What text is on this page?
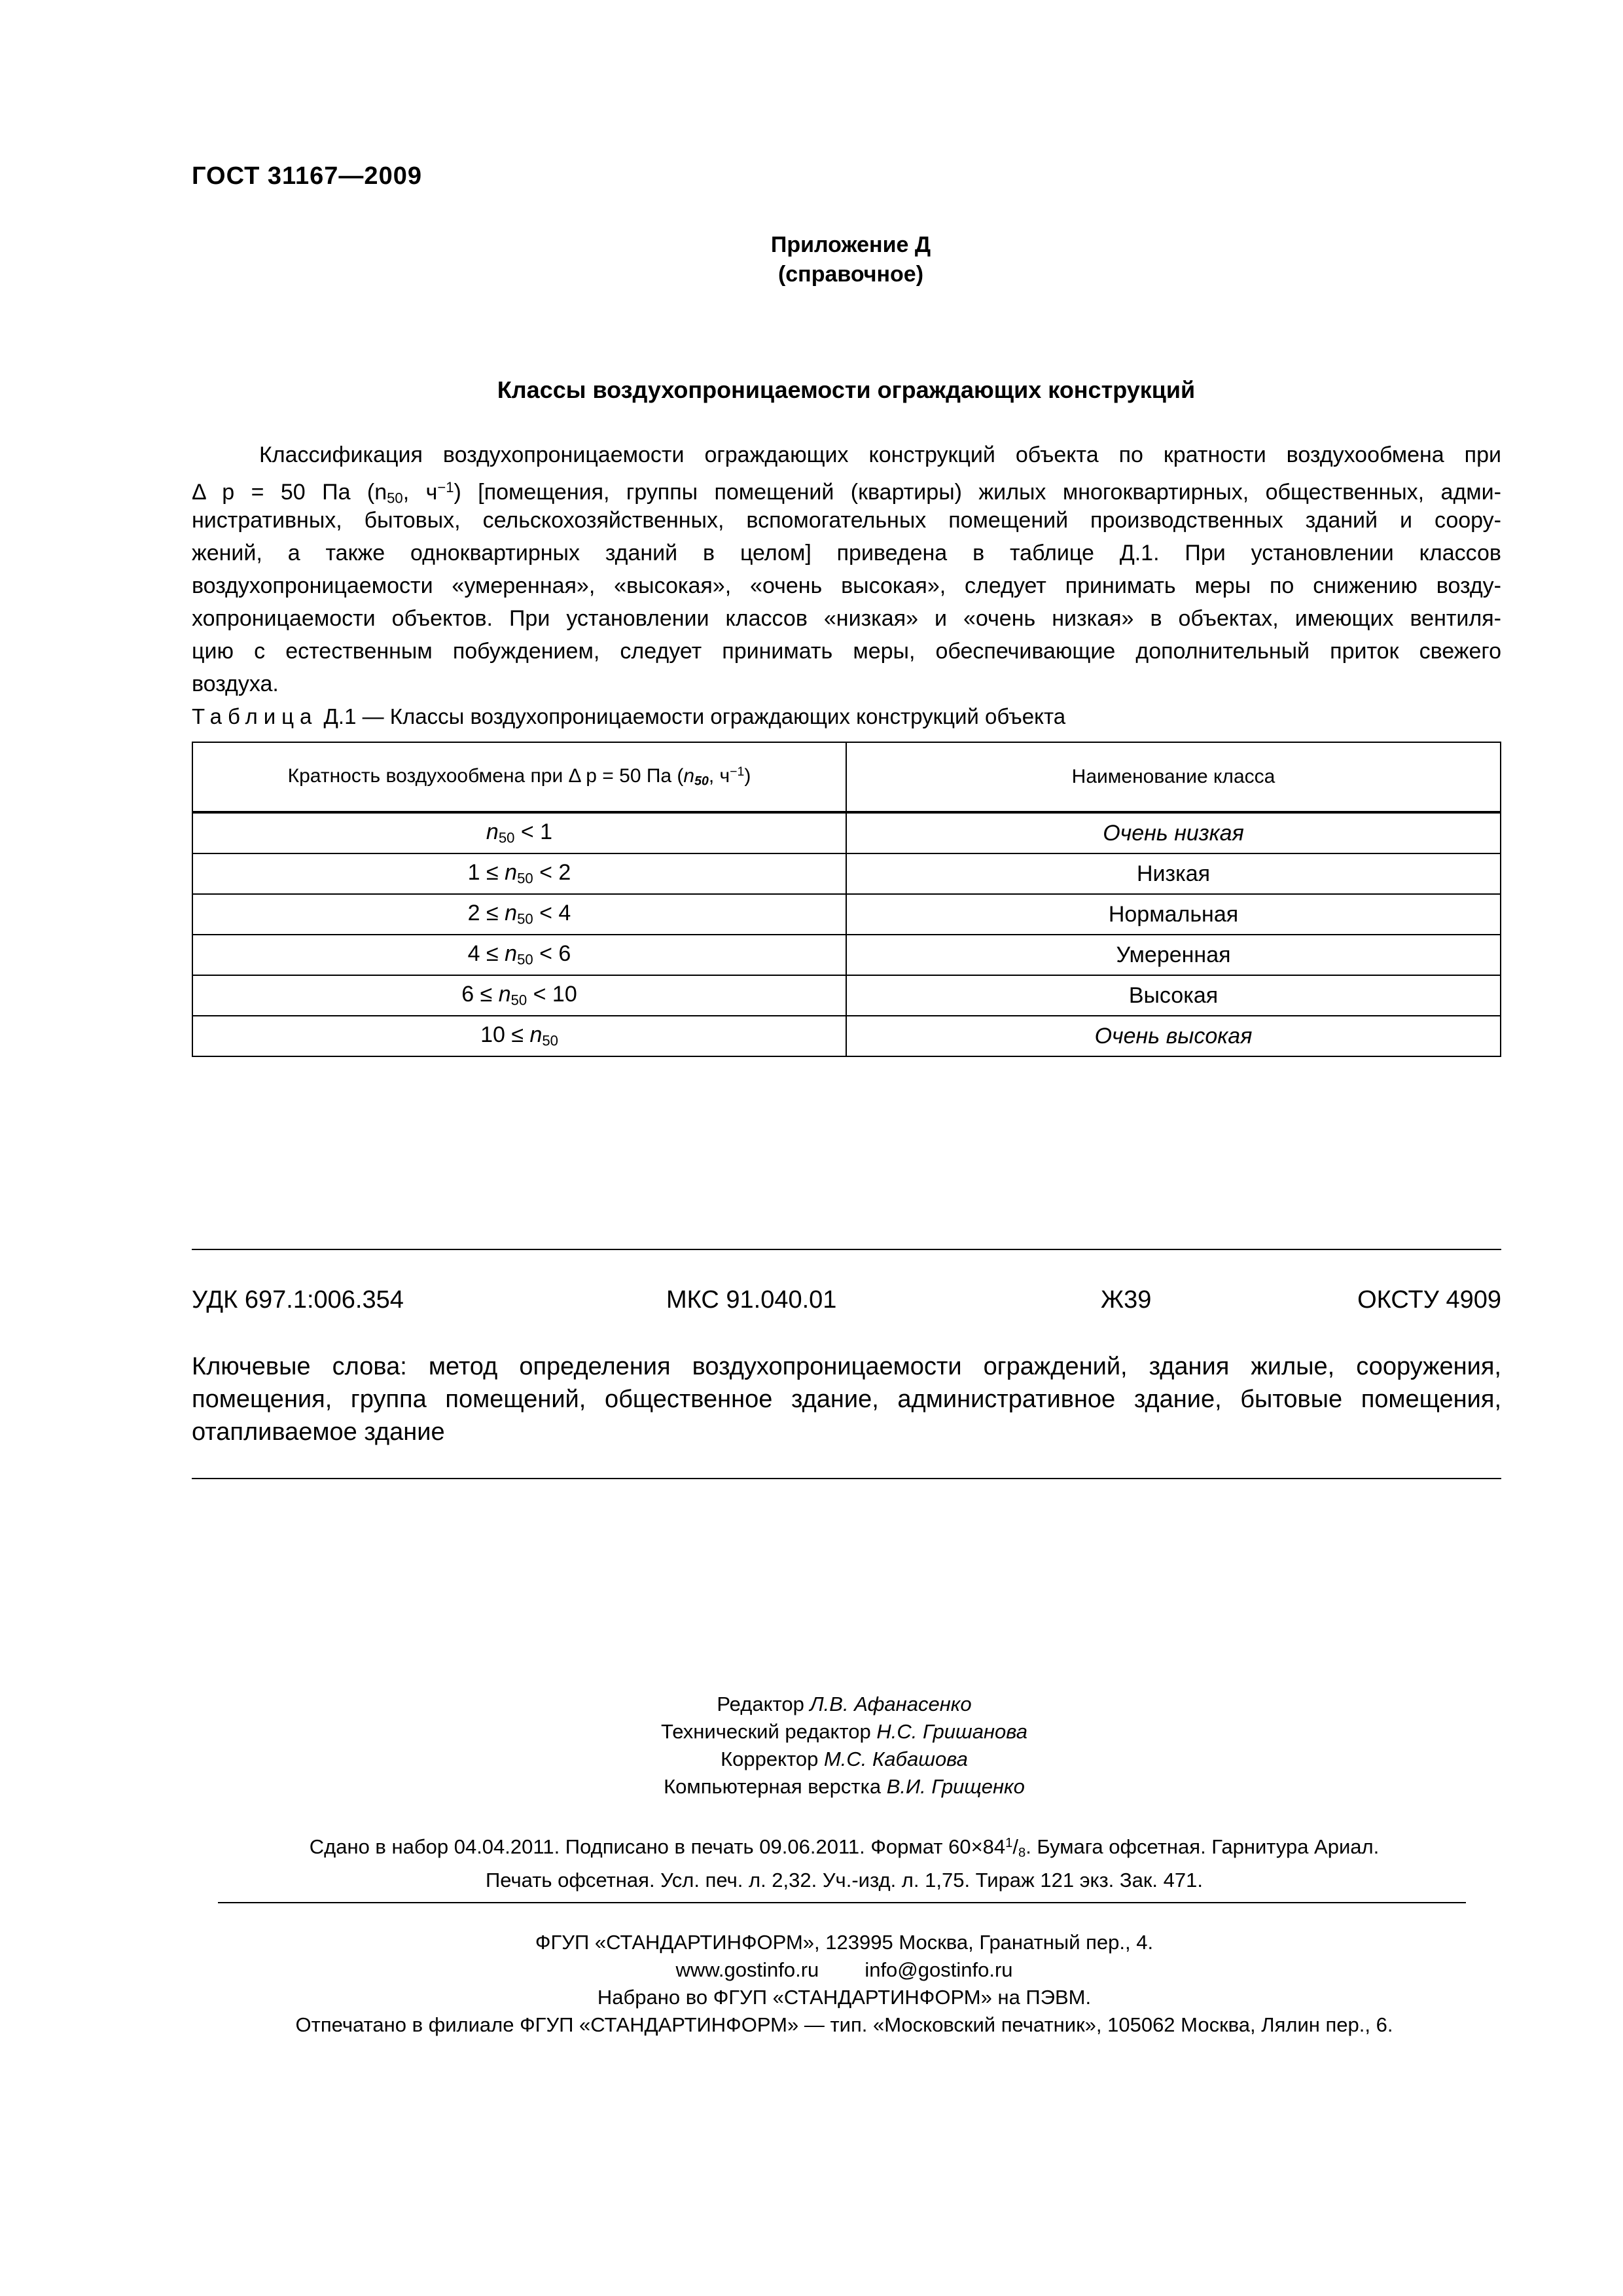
ГОСТ 31167—2009
Приложение Д
(справочное)
Классы воздухопроницаемости ограждающих конструкций
Классификация воздухопроницаемости ограждающих конструкций объекта по кратности воздухообмена при
Δ р = 50 Па ($n_{50}$, $ч^{-1}$) [помещения, группы помещений (квартиры) жилых многоквартирных, общественных, адми-
нистративных, бытовых, сельскохозяйственных, вспомогательных помещений производственных зданий и соору-
жений, а также одноквартирных зданий в целом] приведена в таблице Д.1. При установлении классов
воздухопроницаемости «умеренная», «высокая», «очень высокая», следует принимать меры по снижению возду-
хопроницаемости объектов. При установлении классов «низкая» и «очень низкая» в объектах, имеющих вентиля-
цию с естественным побуждением, следует принимать меры, обеспечивающие дополнительный приток свежего
воздуха.
Таблица Д.1 — Классы воздухопроницаемости ограждающих конструкций объекта
Кратность воздухообмена при Δ р = 50 Па ($n_{50}$, $ч^{-1}$)	Наименование класса
$n_{50} < 1$	Очень низкая
$1 \le n_{50} < 2$	Низкая
$2 \le n_{50} < 4$	Нормальная
$4 \le n_{50} < 6$	Умеренная
$6 \le n_{50} < 10$	Высокая
$10 \le n_{50}$	Очень высокая
УДК 697.1:006.354	МКС 91.040.01	Ж39	ОКСТУ 4909
Ключевые слова: метод определения воздухопроницаемости ограждений, здания жилые, сооружения,
помещения, группа помещений, общественное здание, административное здание, бытовые помещения,
отапливаемое здание
Редактор Л.В. Афанасенко
Технический редактор Н.С. Гришанова
Корректор М.С. Кабашова
Компьютерная верстка В.И. Грищенко
Сдано в набор 04.04.2011. Подписано в печать 09.06.2011. Формат $60\times 84^1/_8$. Бумага офсетная. Гарнитура Ариал.
Печать офсетная. Усл. печ. л. 2,32. Уч.-изд. л. 1,75. Тираж 121 экз. Зак. 471.
ФГУП «СТАНДАРТИНФОРМ», 123995 Москва, Гранатный пер., 4.
www.gostinfo.ru info@gostinfo.ru
Набрано во ФГУП «СТАНДАРТИНФОРМ» на ПЭВМ.
Отпечатано в филиале ФГУП «СТАНДАРТИНФОРМ» — тип. «Московский печатник», 105062 Москва, Лялин пер., 6.
